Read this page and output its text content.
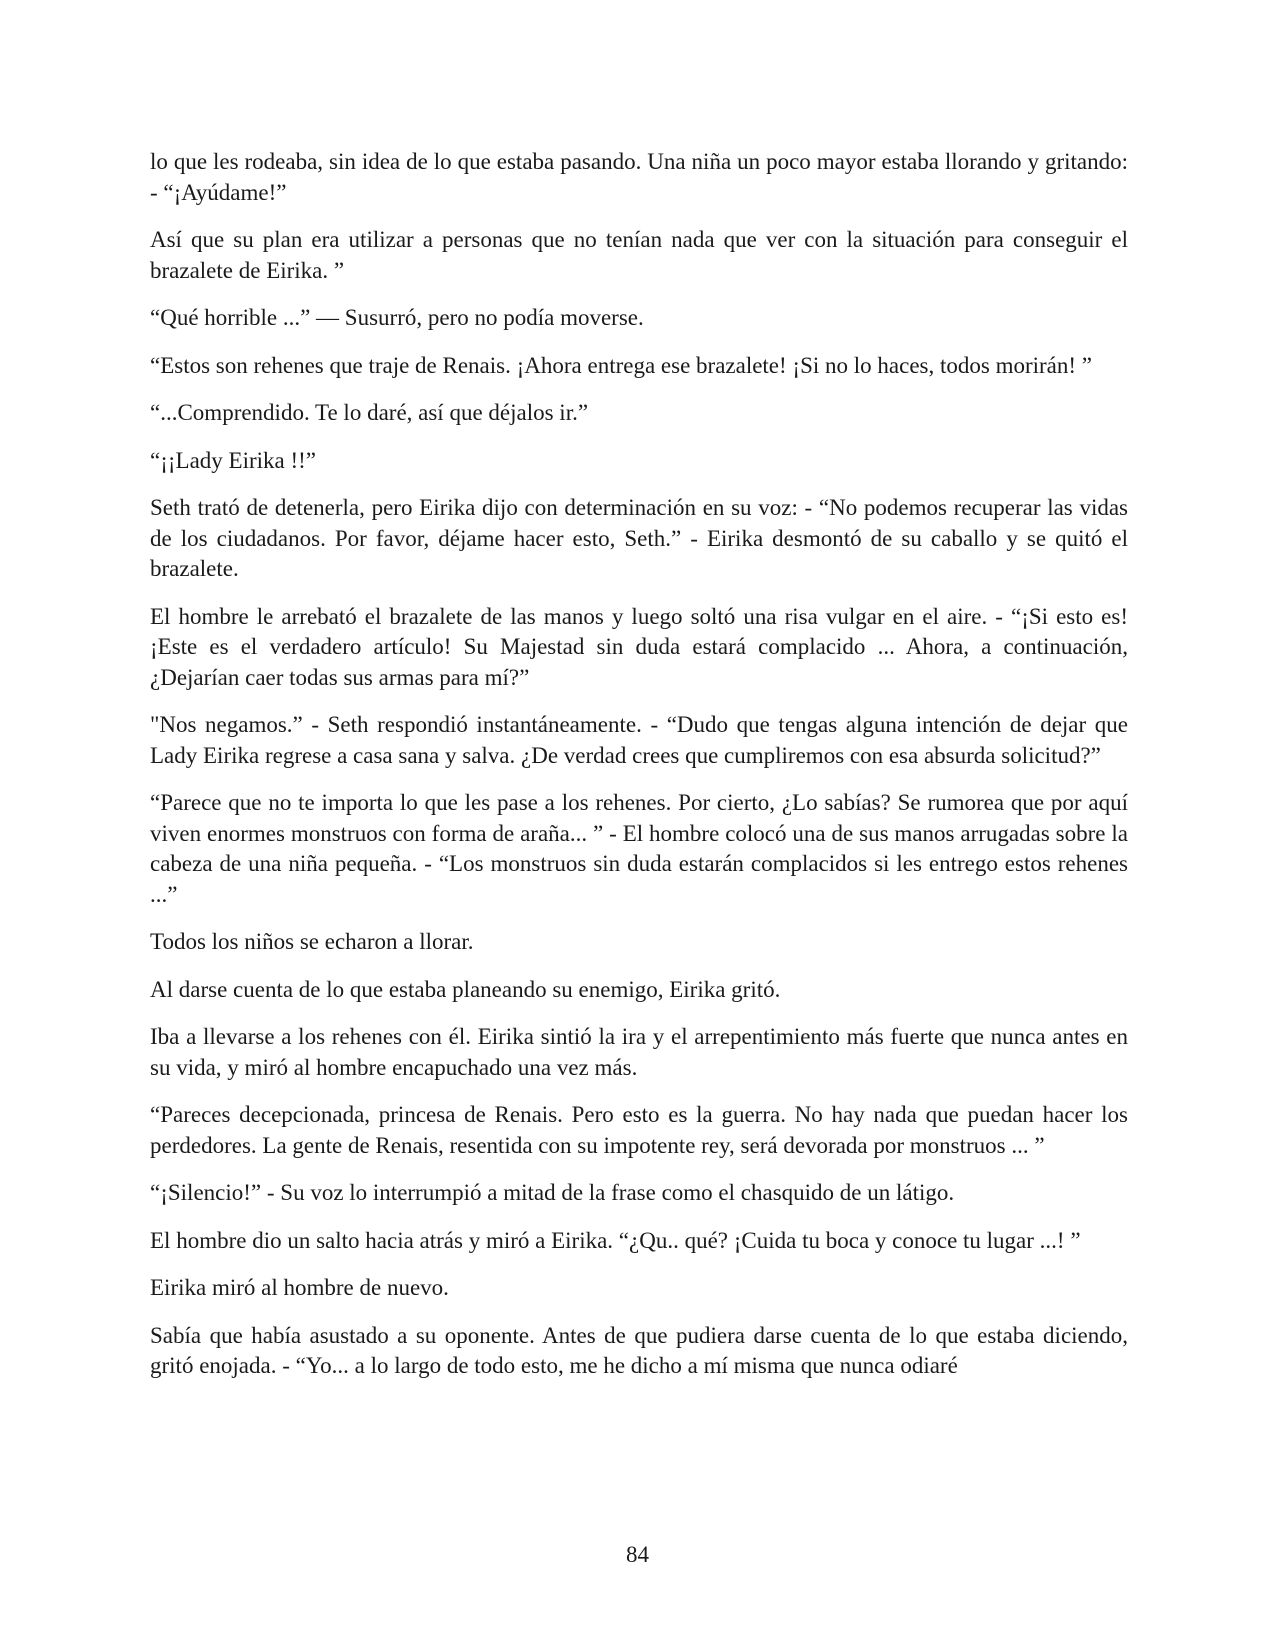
lo que les rodeaba, sin idea de lo que estaba pasando. Una niña un poco mayor estaba llorando y gritando: - “¡Ayúdame!”

Así que su plan era utilizar a personas que no tenían nada que ver con la situación para conseguir el brazalete de Eirika. ”

“Qué horrible ...” — Susurró, pero no podía moverse.

“Estos son rehenes que traje de Renais. ¡Ahora entrega ese brazalete! ¡Si no lo haces, todos morirán! ”

“...Comprendido. Te lo daré, así que déjalos ir.”

“¡¡Lady Eirika !!”

Seth trató de detenerla, pero Eirika dijo con determinación en su voz: - “No podemos recuperar las vidas de los ciudadanos. Por favor, déjame hacer esto, Seth.” - Eirika desmontó de su caballo y se quitó el brazalete.

El hombre le arrebató el brazalete de las manos y luego soltó una risa vulgar en el aire. - “¡Si esto es! ¡Este es el verdadero artículo! Su Majestad sin duda estará complacido ... Ahora, a continuación, ¿Dejarían caer todas sus armas para mí?”

"Nos negamos.” - Seth respondió instantáneamente. - “Dudo que tengas alguna intención de dejar que Lady Eirika regrese a casa sana y salva. ¿De verdad crees que cumpliremos con esa absurda solicitud?”

“Parece que no te importa lo que les pase a los rehenes. Por cierto, ¿Lo sabías? Se rumorea que por aquí viven enormes monstruos con forma de araña... ” - El hombre colocó una de sus manos arrugadas sobre la cabeza de una niña pequeña. - “Los monstruos sin duda estarán complacidos si les entrego estos rehenes ...”

Todos los niños se echaron a llorar.

Al darse cuenta de lo que estaba planeando su enemigo, Eirika gritó.

Iba a llevarse a los rehenes con él. Eirika sintió la ira y el arrepentimiento más fuerte que nunca antes en su vida, y miró al hombre encapuchado una vez más.

“Pareces decepcionada, princesa de Renais. Pero esto es la guerra. No hay nada que puedan hacer los perdedores. La gente de Renais, resentida con su impotente rey, será devorada por monstruos ... ”

“¡Silencio!” - Su voz lo interrumpió a mitad de la frase como el chasquido de un látigo.

El hombre dio un salto hacia atrás y miró a Eirika. “¿Qu.. qué? ¡Cuida tu boca y conoce tu lugar ...! ”

Eirika miró al hombre de nuevo.

Sabía que había asustado a su oponente. Antes de que pudiera darse cuenta de lo que estaba diciendo, gritó enojada. - “Yo... a lo largo de todo esto, me he dicho a mí misma que nunca odiaré

84
